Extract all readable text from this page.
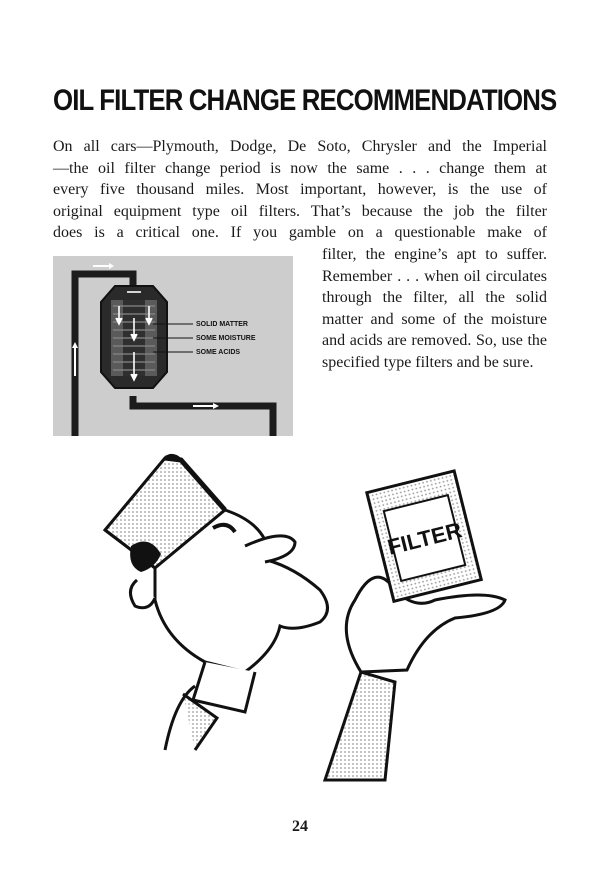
OIL FILTER CHANGE RECOMMENDATIONS

On all cars—Plymouth, Dodge, De Soto, Chrysler and the Imperial

—the oil filter change period is now the same . . . change them at

every five thousand miles. Most important, however, is the use of

original equipment type oil filters. That’s because the job the filter

does is a critical one. If you gamble on a questionable make of

filter, the engine’s apt to suffer. Remember . . . when oil circulates through the filter, all the solid matter and some of the moisture and acids are removed. So, use the specified type filters and be sure.

SOLID MATTER
SOME MOISTURE
SOME ACIDS
FILTER
24
